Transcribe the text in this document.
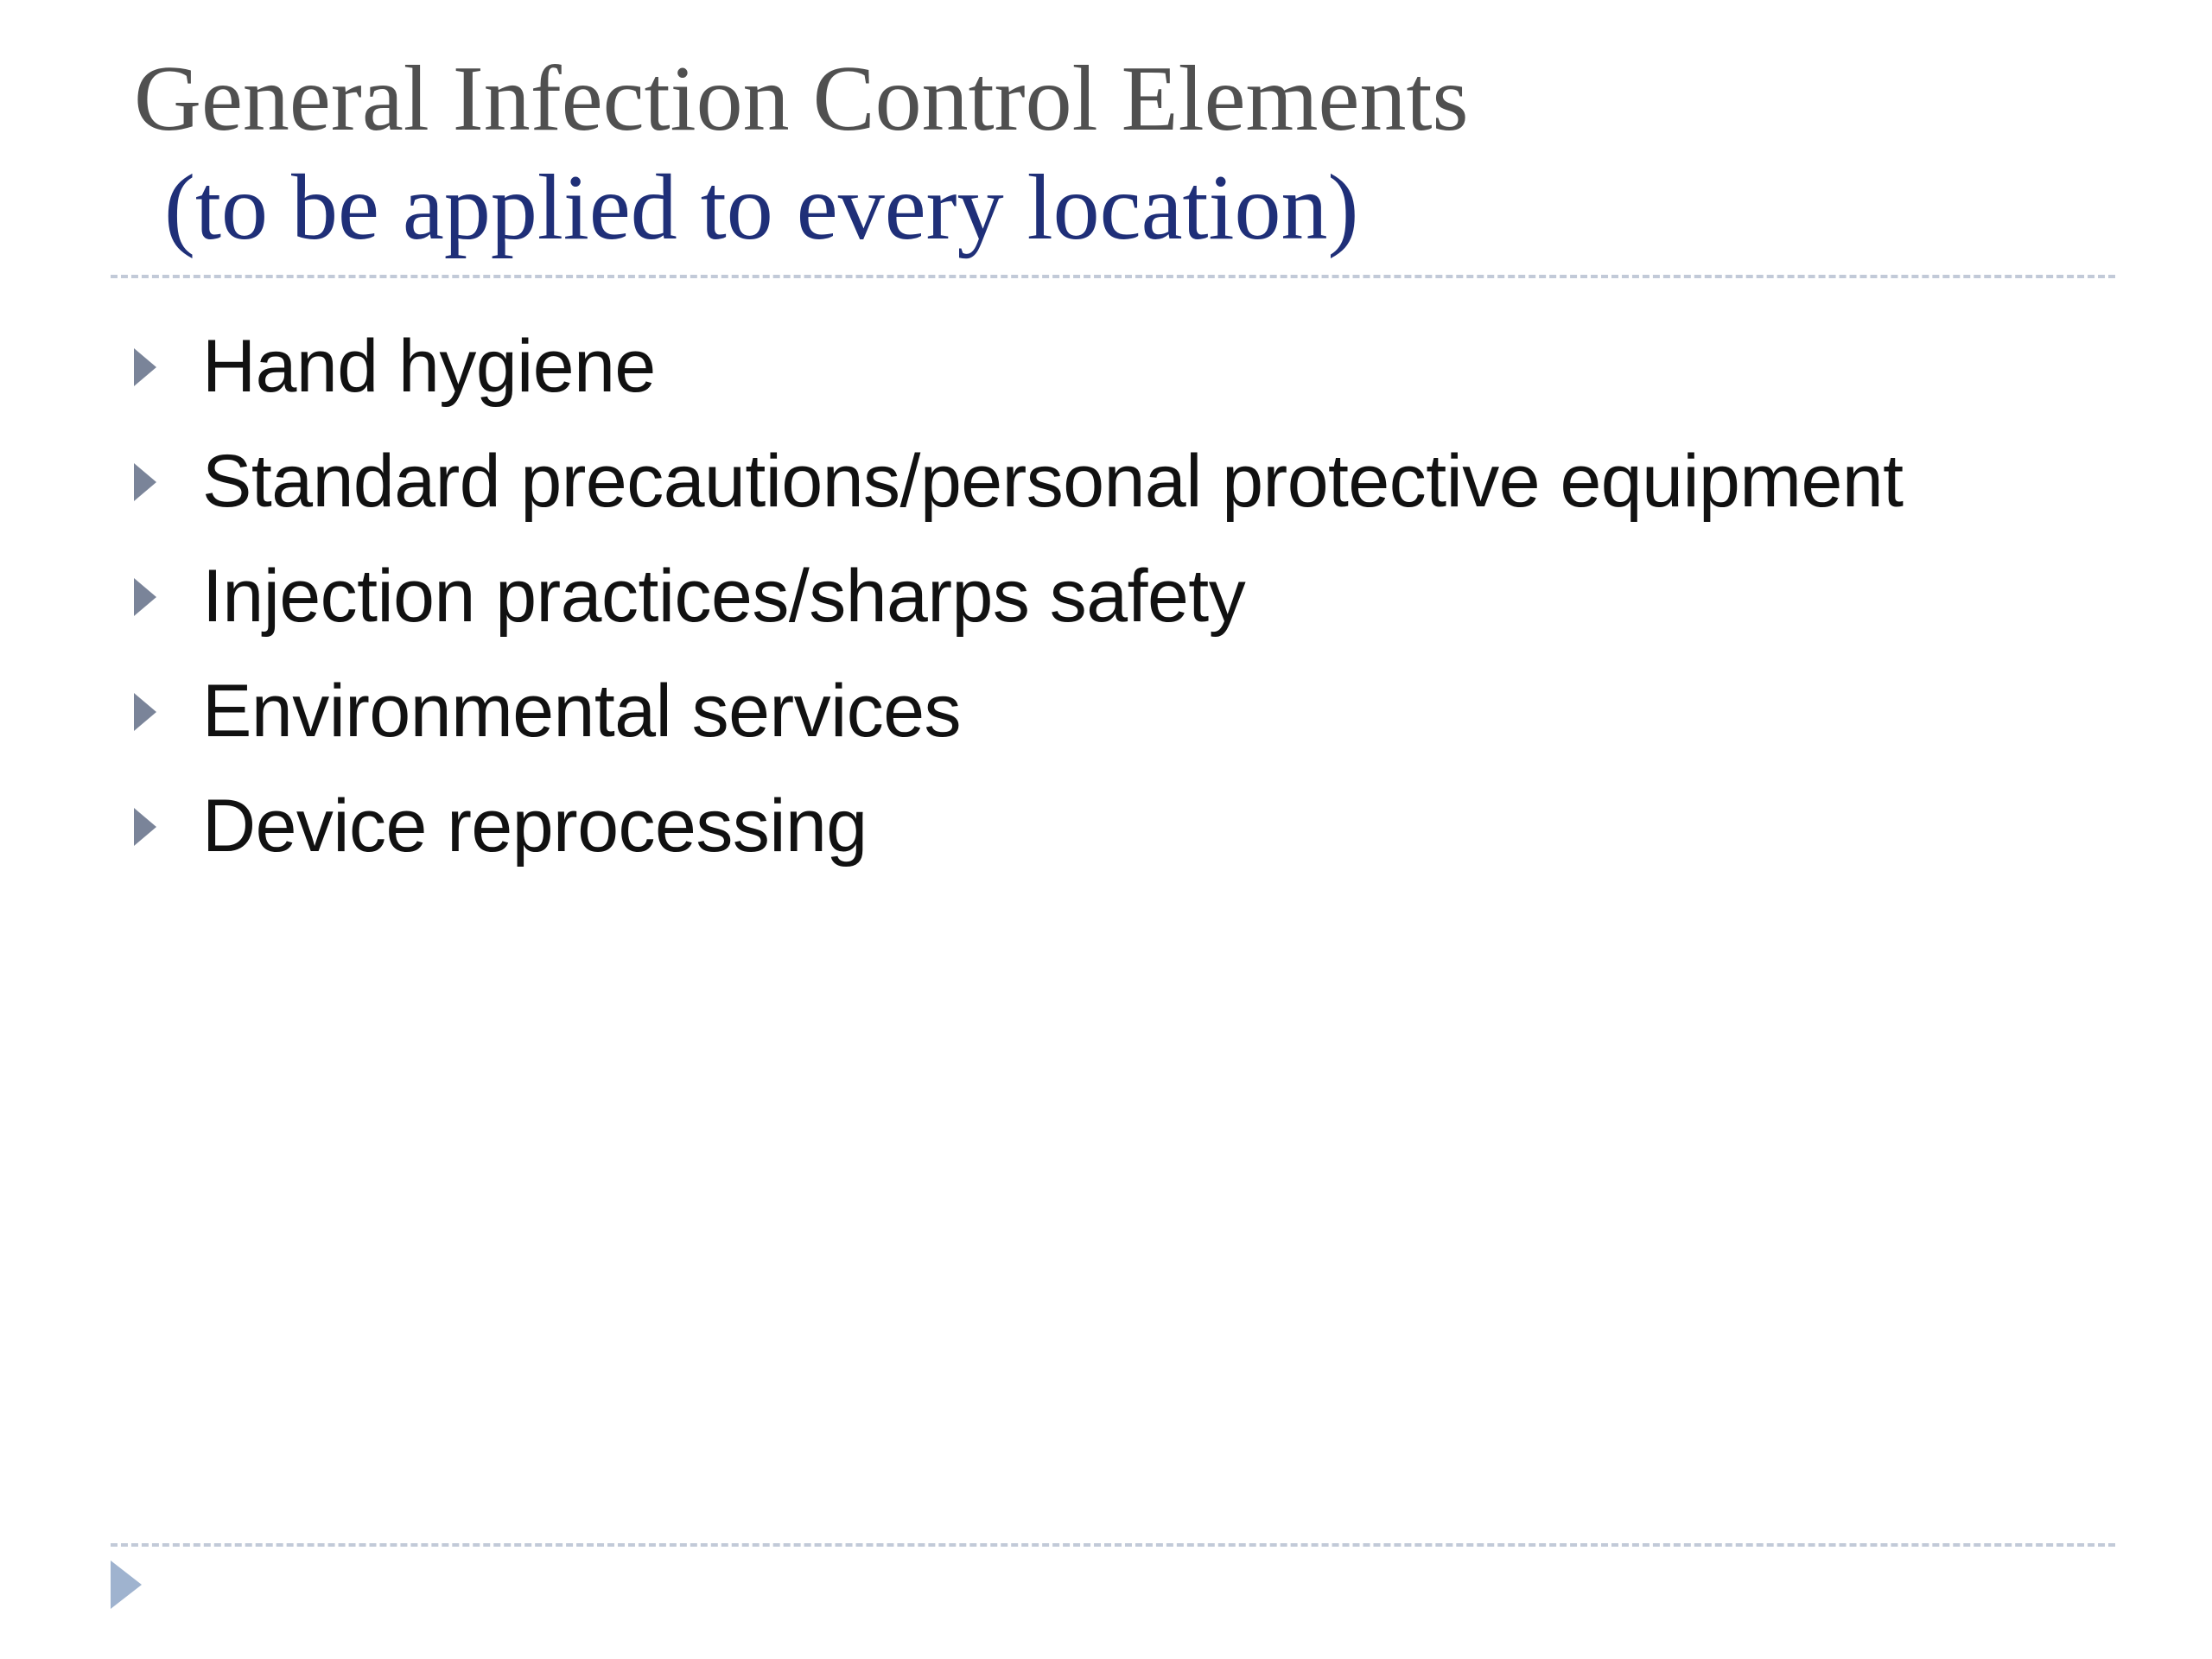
General Infection Control Elements
(to be applied to every location)
Hand hygiene
Standard precautions/personal protective equipment
Injection practices/sharps safety
Environmental services
Device reprocessing
